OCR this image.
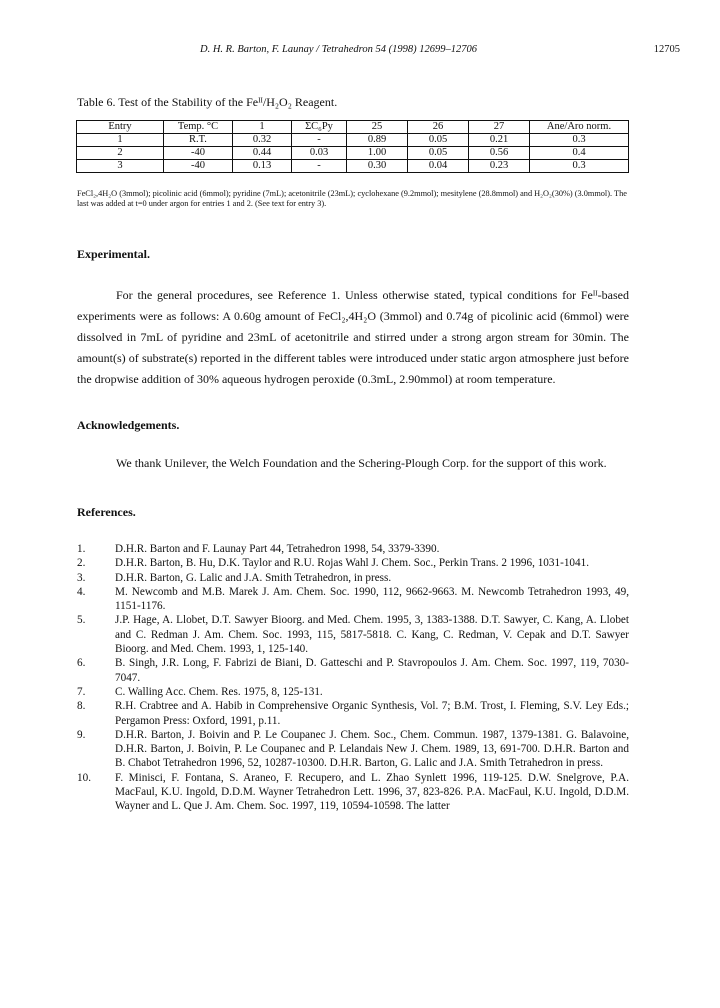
D. H. R. Barton, F. Launay / Tetrahedron 54 (1998) 12699–12706	12705
Table 6. Test of the Stability of the Feᴵᴵ/H₂O₂ Reagent.
Entry	Temp. °C	1	ΣC₆Py	25	26	27	Ane/Aro norm.
1	R.T.	0.32	-	0.89	0.05	0.21	0.3
2	-40	0.44	0.03	1.00	0.05	0.56	0.4
3	-40	0.13	-	0.30	0.04	0.23	0.3
FeCl₂,4H₂O (3mmol); picolinic acid (6mmol); pyridine (7mL); acetonitrile (23mL); cyclohexane (9.2mmol); mesitylene (28.8mmol) and H₂O₂(30%) (3.0mmol). The last was added at t=0 under argon for entries 1 and 2. (See text for entry 3).
Experimental.

For the general procedures, see Reference 1. Unless otherwise stated, typical conditions for Feᴵᴵ-based experiments were as follows: A 0.60g amount of FeCl₂,4H₂O (3mmol) and 0.74g of picolinic acid (6mmol) were dissolved in 7mL of pyridine and 23mL of acetonitrile and stirred under a strong argon stream for 30min. The amount(s) of substrate(s) reported in the different tables were introduced under static argon atmosphere just before the dropwise addition of 30% aqueous hydrogen peroxide (0.3mL, 2.90mmol) at room temperature.

Acknowledgements.

We thank Unilever, the Welch Foundation and the Schering-Plough Corp. for the support of this work.

References.
1.	D.H.R. Barton and F. Launay Part 44, Tetrahedron 1998, 54, 3379-3390.
2.	D.H.R. Barton, B. Hu, D.K. Taylor and R.U. Rojas Wahl J. Chem. Soc., Perkin Trans. 2 1996, 1031-1041.
3.	D.H.R. Barton, G. Lalic and J.A. Smith Tetrahedron, in press.
4.	M. Newcomb and M.B. Marek J. Am. Chem. Soc. 1990, 112, 9662-9663. M. Newcomb Tetrahedron 1993, 49, 1151-1176.
5.	J.P. Hage, A. Llobet, D.T. Sawyer Bioorg. and Med. Chem. 1995, 3, 1383-1388. D.T. Sawyer, C. Kang, A. Llobet and C. Redman J. Am. Chem. Soc. 1993, 115, 5817-5818. C. Kang, C. Redman, V. Cepak and D.T. Sawyer Bioorg. and Med. Chem. 1993, 1, 125-140.
6.	B. Singh, J.R. Long, F. Fabrizi de Biani, D. Gatteschi and P. Stavropoulos J. Am. Chem. Soc. 1997, 119, 7030-7047.
7.	C. Walling Acc. Chem. Res. 1975, 8, 125-131.
8.	R.H. Crabtree and A. Habib in Comprehensive Organic Synthesis, Vol. 7; B.M. Trost, I. Fleming, S.V. Ley Eds.; Pergamon Press: Oxford, 1991, p.11.
9.	D.H.R. Barton, J. Boivin and P. Le Coupanec J. Chem. Soc., Chem. Commun. 1987, 1379-1381. G. Balavoine, D.H.R. Barton, J. Boivin, P. Le Coupanec and P. Lelandais New J. Chem. 1989, 13, 691-700. D.H.R. Barton and B. Chabot Tetrahedron 1996, 52, 10287-10300. D.H.R. Barton, G. Lalic and J.A. Smith Tetrahedron in press.
10.	F. Minisci, F. Fontana, S. Araneo, F. Recupero, and L. Zhao Synlett 1996, 119-125. D.W. Snelgrove, P.A. MacFaul, K.U. Ingold, D.D.M. Wayner Tetrahedron Lett. 1996, 37, 823-826. P.A. MacFaul, K.U. Ingold, D.D.M. Wayner and L. Que J. Am. Chem. Soc. 1997, 119, 10594-10598. The latter
